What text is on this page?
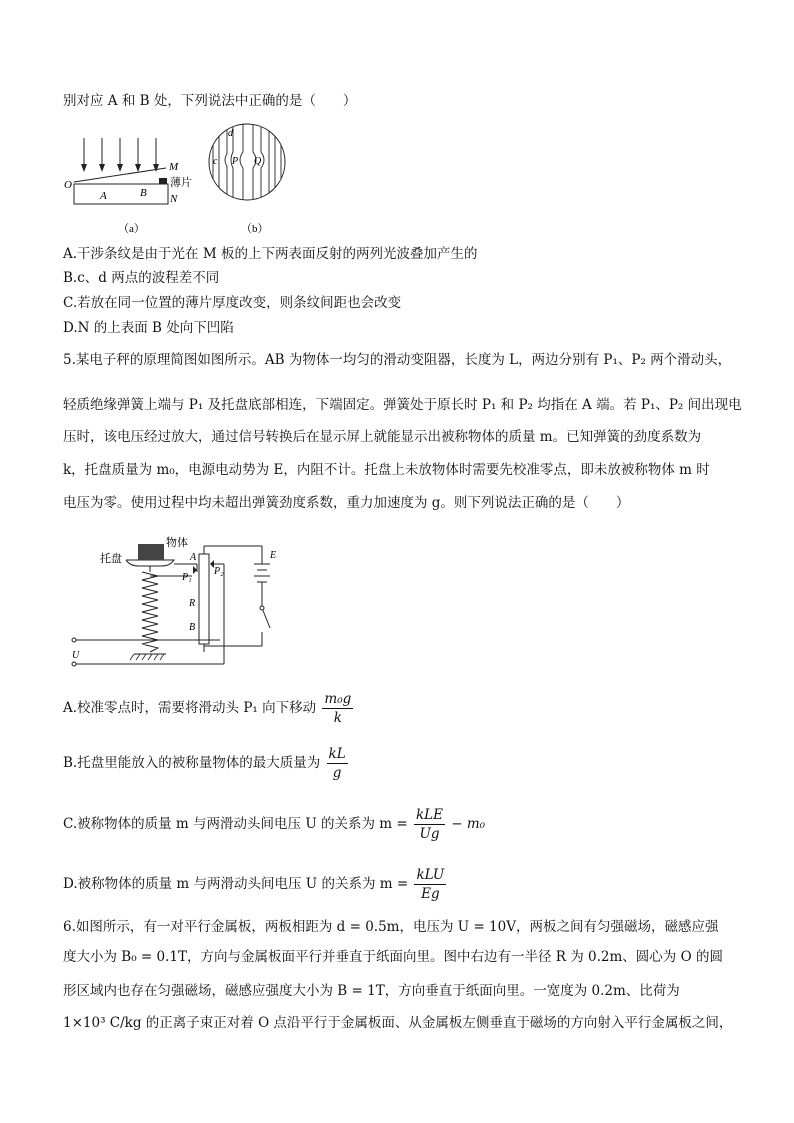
别对应 A 和 B 处，下列说法中正确的是（　　）
M
O
A	B
薄片
N
（a）
d
c P Q
（b）
A.干涉条纹是由于光在 M 板的上下两表面反射的两列光波叠加产生的
B.c、d 两点的波程差不同
C.若放在同一位置的薄片厚度改变，则条纹间距也会改变
D.N 的上表面 B 处向下凹陷
5.某电子秤的原理简图如图所示。AB 为物体一均匀的滑动变阻器，长度为 L，两边分别有 P₁、P₂ 两个滑动头，
轻质绝缘弹簧上端与 P₁ 及托盘底部相连，下端固定。弹簧处于原长时 P₁ 和 P₂ 均指在 A 端。若 P₁、P₂ 间出现电
压时，该电压经过放大，通过信号转换后在显示屏上就能显示出被称物体的质量 m。已知弹簧的劲度系数为
k，托盘质量为 m₀，电源电动势为 E，内阻不计。托盘上未放物体时需要先校准零点，即未放被称物体 m 时
电压为零。使用过程中均未超出弹簧劲度系数，重力加速度为 g。则下列说法正确的是（　　）
托盘
物体
A
P₁
P₂
R
B
E
U
A.校准零点时，需要将滑动头 P₁ 向下移动 $\frac{\text{m₀g}}{k}$
B.托盘里能放入的被称量物体的最大质量为 $\frac{kL}{g}$
C.被称物体的质量 m 与两滑动头间电压 U 的关系为 $m = \frac{\text{kLE}}{Ug} - m_0$
D.被称物体的质量 m 与两滑动头间电压 U 的关系为 $m = \frac{\text{kLU}}{Eg}$
6.如图所示，有一对平行金属板，两板相距为 d = 0.5m，电压为 U = 10V，两板之间有匀强磁场，磁感应强
度大小为 B₀ = 0.1T，方向与金属板面平行并垂直于纸面向里。图中右边有一半径 R 为 0.2m、圆心为 O 的圆
形区域内也存在匀强磁场，磁感应强度大小为 B = 1T，方向垂直于纸面向里。一宽度为 0.2m、比荷为
1×10³ C/kg 的正离子束正对着 O 点沿平行于金属板面、从金属板左侧垂直于磁场的方向射入平行金属板之间，
